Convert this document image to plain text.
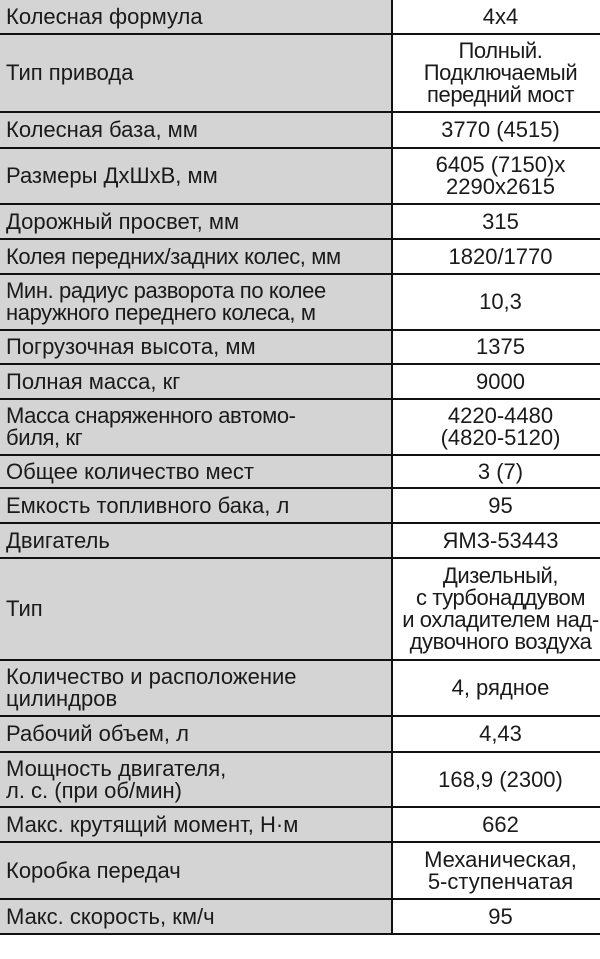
Колесная формула	4x4
Тип привода	Полный.
Подключаемый
передний мост
Колесная база, мм	3770 (4515)
Размеры ДхШхВ, мм	6405 (7150)x
2290x2615
Дорожный просвет, мм	315
Колея передних/задних колес, мм	1820/1770
Мин. радиус разворота по колее
наружного переднего колеса, м	10,3
Погрузочная высота, мм	1375
Полная масса, кг	9000
Масса снаряженного автомо-
биля, кг	4220-4480
(4820-5120)
Общее количество мест	3 (7)
Емкость топливного бака, л	95
Двигатель	ЯМЗ-53443
Тип	Дизельный,
с турбонаддувом
и охладителем над-
дувочного воздуха
Количество и расположение
цилиндров	4, рядное
Рабочий объем, л	4,43
Мощность двигателя,
л. с. (при об/мин)	168,9 (2300)
Макс. крутящий момент, Н·м	662
Коробка передач	Механическая,
5-ступенчатая
Макс. скорость, км/ч	95
